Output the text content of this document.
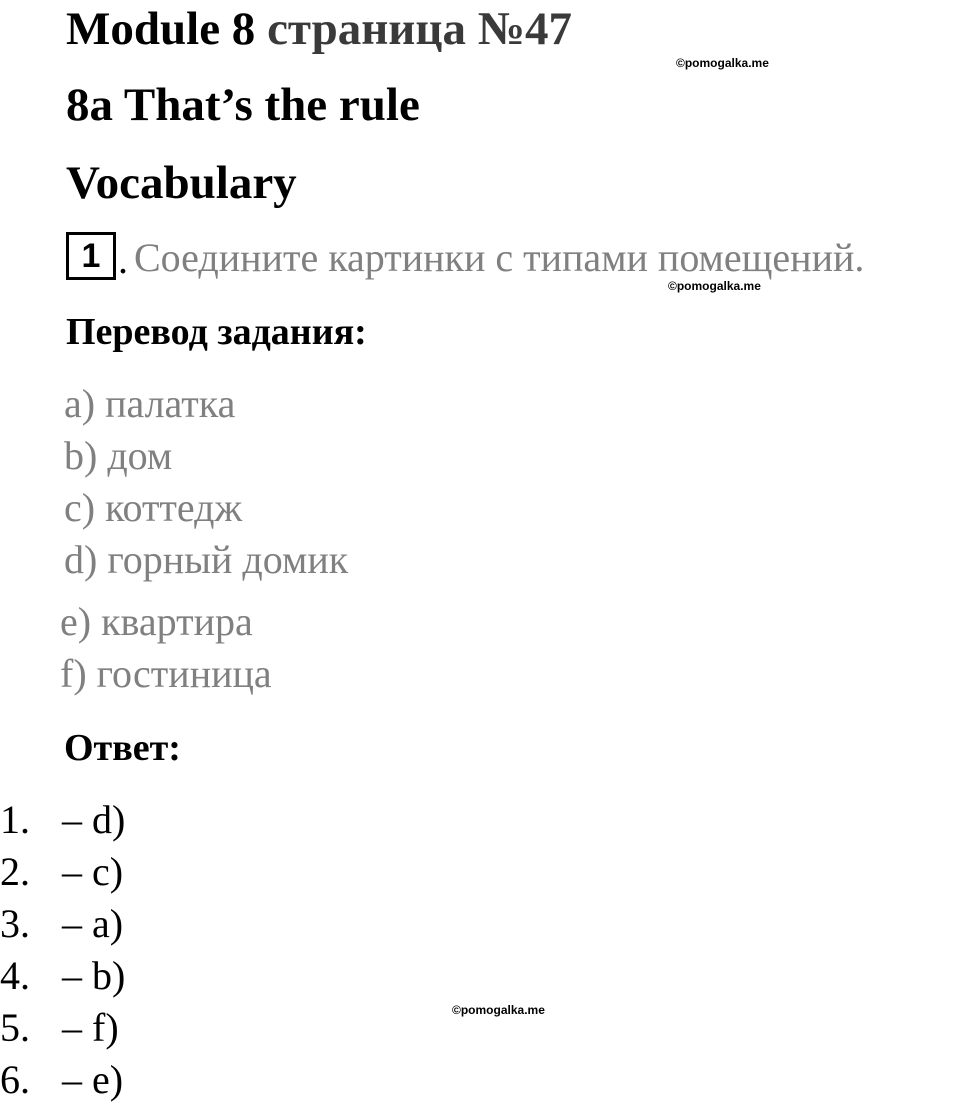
Module 8 страница №47
©pomogalka.me
8a That’s the rule
Vocabulary
1 . Соедините картинки с типами помещений.
©pomogalka.me
Перевод задания:
a) палатка
b) дом
c) коттедж
d) горный домик
e) квартира
f) гостиница
Ответ:
1. – d)
2. – c)
3. – a)
4. – b)
5. – f)
6. – e)
©pomogalka.me
